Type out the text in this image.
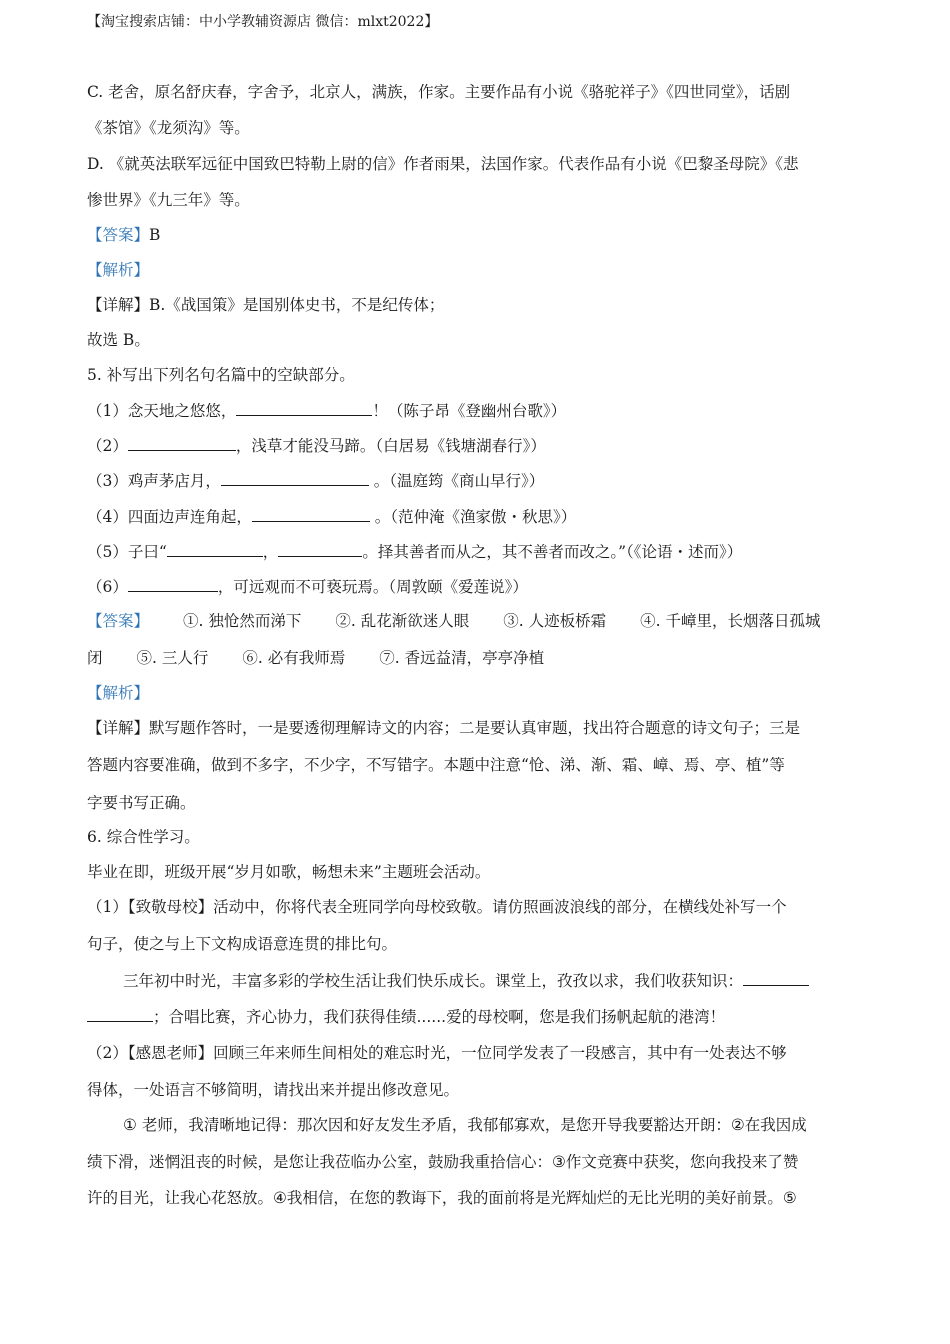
【淘宝搜索店铺：中小学教辅资源店 微信：mlxt2022】
C. 老舍，原名舒庆春，字舍予，北京人，满族，作家。主要作品有小说《骆驼祥子》《四世同堂》，话剧
《茶馆》《龙须沟》等。
D. 《就英法联军远征中国致巴特勒上尉的信》作者雨果，法国作家。代表作品有小说《巴黎圣母院》《悲
惨世界》《九三年》等。
【答案】B
【解析】
【详解】B.《战国策》是国别体史书，不是纪传体；
故选 B。
5. 补写出下列名句名篇中的空缺部分。
（1）念天地之悠悠，	！（陈子昂《登幽州台歌》）
（2）	，浅草才能没马蹄。（白居易《钱塘湖春行》）
（3）鸡声茅店月，	。（温庭筠《商山早行》）
（4）四面边声连角起，	。（范仲淹《渔家傲・秋思》）
（5）子曰“	，	。择其善者而从之，其不善者而改之。”（《论语・述而》）
（6）	，可远观而不可亵玩焉。（周敦颐《爱莲说》）
【答案】 ①. 独怆然而涕下 ②. 乱花渐欲迷人眼 ③. 人迹板桥霜 ④. 千嶂里，长烟落日孤城
闭 ⑤. 三人行 ⑥. 必有我师焉 ⑦. 香远益清，亭亭净植
【解析】
【详解】默写题作答时，一是要透彻理解诗文的内容；二是要认真审题，找出符合题意的诗文句子；三是
答题内容要准确，做到不多字，不少字，不写错字。本题中注意“怆、涕、渐、霜、嶂、焉、亭、植”等
字要书写正确。
6. 综合性学习。
毕业在即，班级开展“岁月如歌，畅想未来”主题班会活动。
（1）【致敬母校】活动中，你将代表全班同学向母校致敬。请仿照画波浪线的部分，在横线处补写一个
句子，使之与上下文构成语意连贯的排比句。
三年初中时光，丰富多彩的学校生活让我们快乐成长。课堂上，孜孜以求，我们收获知识：
；合唱比赛，齐心协力，我们获得佳绩......爱的母校啊，您是我们扬帆起航的港湾！
（2）【感恩老师】回顾三年来师生间相处的难忘时光，一位同学发表了一段感言，其中有一处表达不够
得体，一处语言不够简明，请找出来并提出修改意见。
① 老师，我清晰地记得：那次因和好友发生矛盾，我郁郁寡欢，是您开导我要豁达开朗：②在我因成
绩下滑，迷惘沮丧的时候，是您让我莅临办公室，鼓励我重拾信心：③作文竞赛中获奖，您向我投来了赞
许的目光，让我心花怒放。④我相信，在您的教诲下，我的面前将是光辉灿烂的无比光明的美好前景。⑤
